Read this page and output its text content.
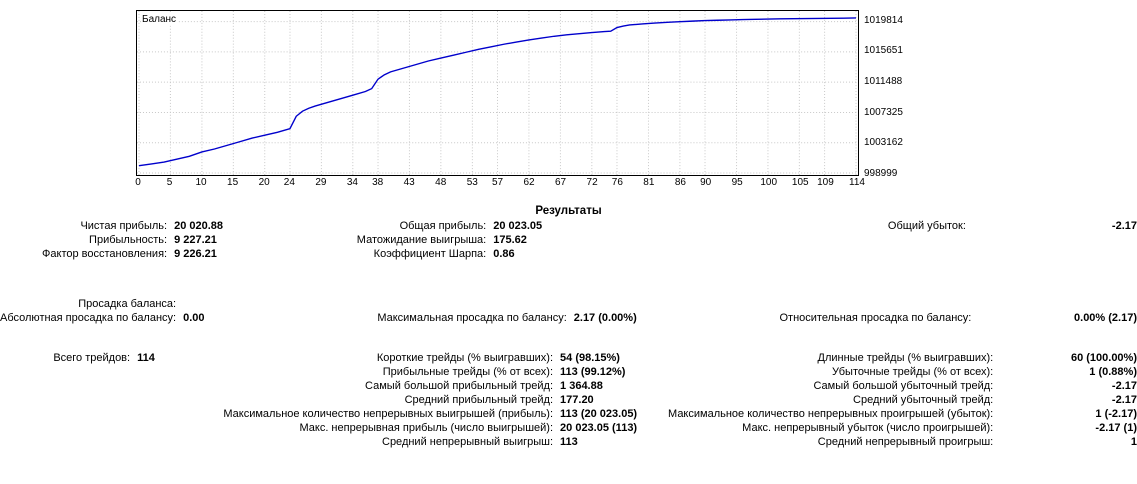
Баланс
998999
1003162
1007325
1011488
1015651
1019814
0	5 10 15 20 24 29 34 38 43 48 53 57 62 67 72 76 81 86 90 95 100 105 109 114
Результаты
Чистая прибыль:	20 020.88	Общая прибыль:	20 023.05	Общий убыток:	-2.17
Прибыльность:	9 227.21	Матожидание выигрыша:	175.62		
Фактор восстановления:	9 226.21	Коэффициент Шарпа:	0.86		
Просадка баланса:					
Абсолютная просадка по балансу:	0.00	Максимальная просадка по балансу:	2.17 (0.00%)	Относительная просадка по балансу:	0.00% (2.17)
Всего трейдов:	114	Короткие трейды (% выигравших):	54 (98.15%)	Длинные трейды (% выигравших):	60 (100.00%)
		Прибыльные трейды (% от всех):	113 (99.12%)	Убыточные трейды (% от всех):	1 (0.88%)
		Самый большой прибыльный трейд:	1 364.88	Самый большой убыточный трейд:	-2.17
		Средний прибыльный трейд:	177.20	Средний убыточный трейд:	-2.17
		Максимальное количество непрерывных выигрышей (прибыль):	113 (20 023.05)	Максимальное количество непрерывных проигрышей (убыток):	1 (-2.17)
		Макс. непрерывная прибыль (число выигрышей):	20 023.05 (113)	Макс. непрерывный убыток (число проигрышей):	-2.17 (1)
		Средний непрерывный выигрыш:	113	Средний непрерывный проигрыш:	1
